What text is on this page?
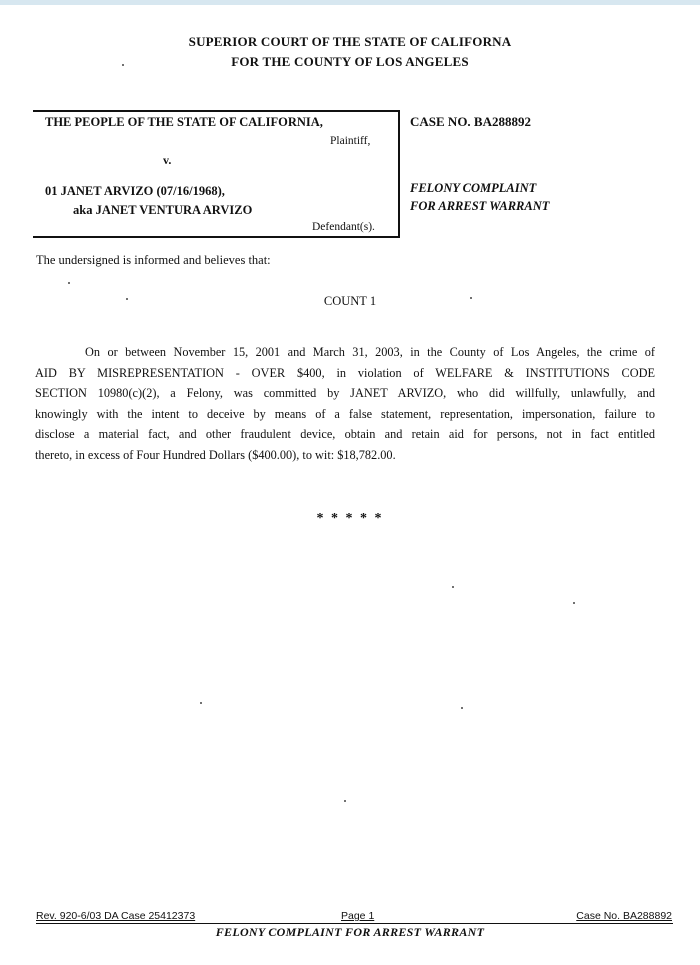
SUPERIOR COURT OF THE STATE OF CALIFORNA
FOR THE COUNTY OF LOS ANGELES
THE PEOPLE OF THE STATE OF CALIFORNIA,
Plaintiff,
v.
01 JANET ARVIZO (07/16/1968),
aka JANET VENTURA ARVIZO
Defendant(s).
CASE NO. BA288892
FELONY COMPLAINT
FOR ARREST WARRANT
The undersigned is informed and believes that:
COUNT 1
On or between November 15, 2001 and March 31, 2003, in the County of Los Angeles, the crime of
AID BY MISREPRESENTATION - OVER $400, in violation of WELFARE & INSTITUTIONS CODE
SECTION 10980(c)(2), a Felony, was committed by JANET ARVIZO, who did willfully, unlawfully, and
knowingly with the intent to deceive by means of a false statement, representation, impersonation, failure to
disclose a material fact, and other fraudulent device, obtain and retain aid for persons, not in fact entitled
thereto, in excess of Four Hundred Dollars ($400.00), to wit: $18,782.00.
* * * * *
Rev. 920-6/03 DA Case 25412373	Page 1	Case No. BA288892
FELONY COMPLAINT FOR ARREST WARRANT
